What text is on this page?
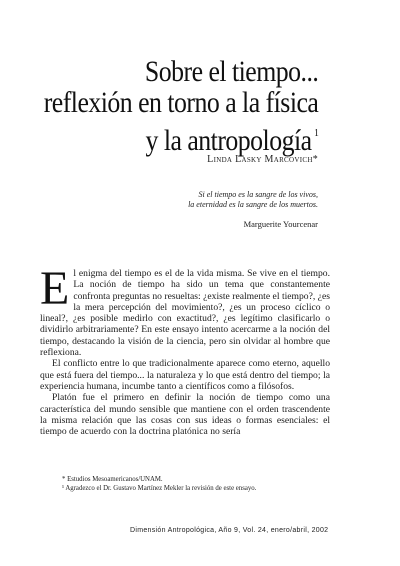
Sobre el tiempo...
reflexión en torno a la física
y la antropología $^1$
Linda Lasky Marcovich*
Si el tiempo es la sangre de los vivos,
la eternidad es la sangre de los muertos.
Marguerite Yourcenar

El enigma del tiempo es el de la vida misma. Se vive en el tiempo. La noción de tiempo ha sido un tema que constantemente confronta preguntas no resueltas: ¿existe realmente el tiempo?, ¿es la mera percepción del movimiento?, ¿es un proceso cíclico o lineal?, ¿es posible medirlo con exactitud?, ¿es legítimo clasificarlo o dividirlo arbitrariamente? En este ensayo intento acercarme a la noción del tiempo, destacando la visión de la ciencia, pero sin olvidar al hombre que reflexiona.

El conflicto entre lo que tradicionalmente aparece como eterno, aquello que está fuera del tiempo... la naturaleza y lo que está dentro del tiempo; la experiencia humana, incumbe tanto a científicos como a filósofos.

Platón fue el primero en definir la noción de tiempo como una característica del mundo sensible que mantiene con el orden trascendente la misma relación que las cosas con sus ideas o formas esenciales: el tiempo de acuerdo con la doctrina platónica no sería

* Estudios Mesoamericanos/UNAM.
¹ Agradezco el Dr. Gustavo Martínez Mekler la revisión de este ensayo.
Dimensión Antropológica, Año 9, Vol. 24, enero/abril, 2002
